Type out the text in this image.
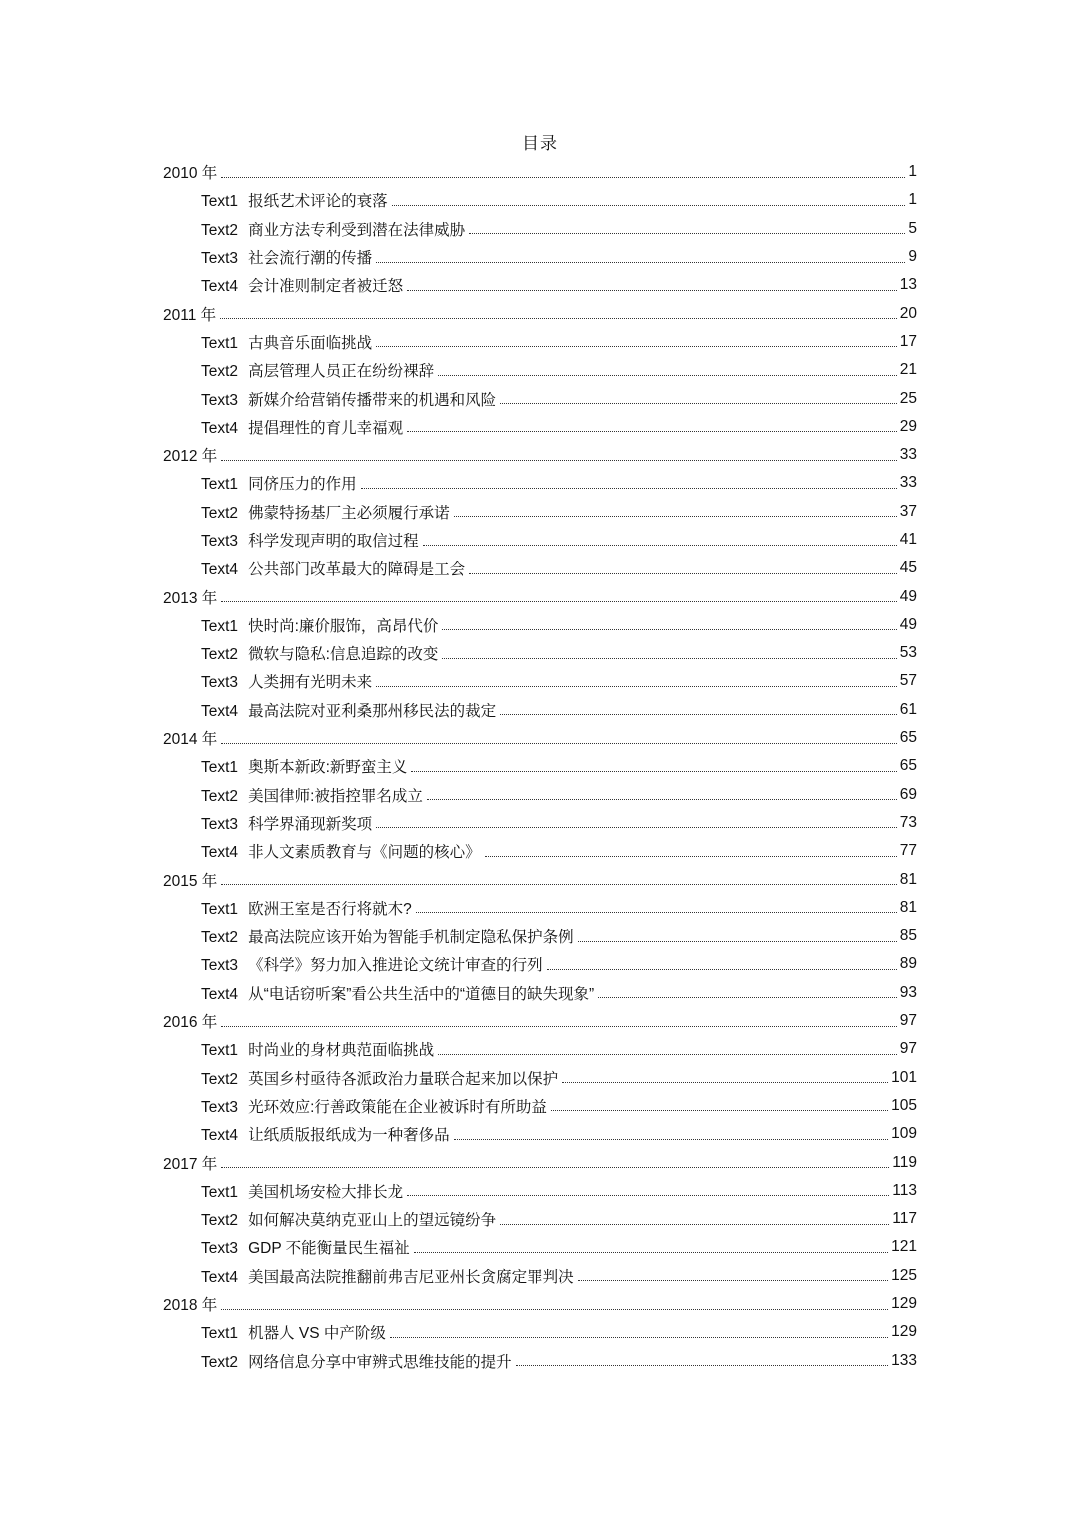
目录
2010 年	1
Text1 报纸艺术评论的衰落	1
Text2 商业方法专利受到潜在法律威胁	5
Text3 社会流行潮的传播	9
Text4 会计准则制定者被迁怒	13
2011 年	20
Text1 古典音乐面临挑战	17
Text2 高层管理人员正在纷纷裸辞	21
Text3 新媒介给营销传播带来的机遇和风险	25
Text4 提倡理性的育儿幸福观	29
2012 年	33
Text1 同侪压力的作用	33
Text2 佛蒙特扬基厂主必须履行承诺	37
Text3 科学发现声明的取信过程	41
Text4 公共部门改革最大的障碍是工会	45
2013 年	49
Text1 快时尚:廉价服饰，高昂代价	49
Text2 微软与隐私:信息追踪的改变	53
Text3 人类拥有光明未来	57
Text4 最高法院对亚利桑那州移民法的裁定	61
2014 年	65
Text1 奥斯本新政:新野蛮主义	65
Text2 美国律师:被指控罪名成立	69
Text3 科学界涌现新奖项	73
Text4 非人文素质教育与《问题的核心》	77
2015 年	81
Text1 欧洲王室是否行将就木?	81
Text2 最高法院应该开始为智能手机制定隐私保护条例	85
Text3 《科学》努力加入推进论文统计审查的行列	89
Text4 从“电话窃听案”看公共生活中的“道德目的缺失现象”	93
2016 年	97
Text1 时尚业的身材典范面临挑战	97
Text2 英国乡村亟待各派政治力量联合起来加以保护	101
Text3 光环效应:行善政策能在企业被诉时有所助益	105
Text4 让纸质版报纸成为一种奢侈品	109
2017 年	119
Text1 美国机场安检大排长龙	113
Text2 如何解决莫纳克亚山上的望远镜纷争	117
Text3 GDP 不能衡量民生福祉	121
Text4 美国最高法院推翻前弗吉尼亚州长贪腐定罪判决	125
2018 年	129
Text1 机器人 VS 中产阶级	129
Text2 网络信息分享中审辨式思维技能的提升	133
